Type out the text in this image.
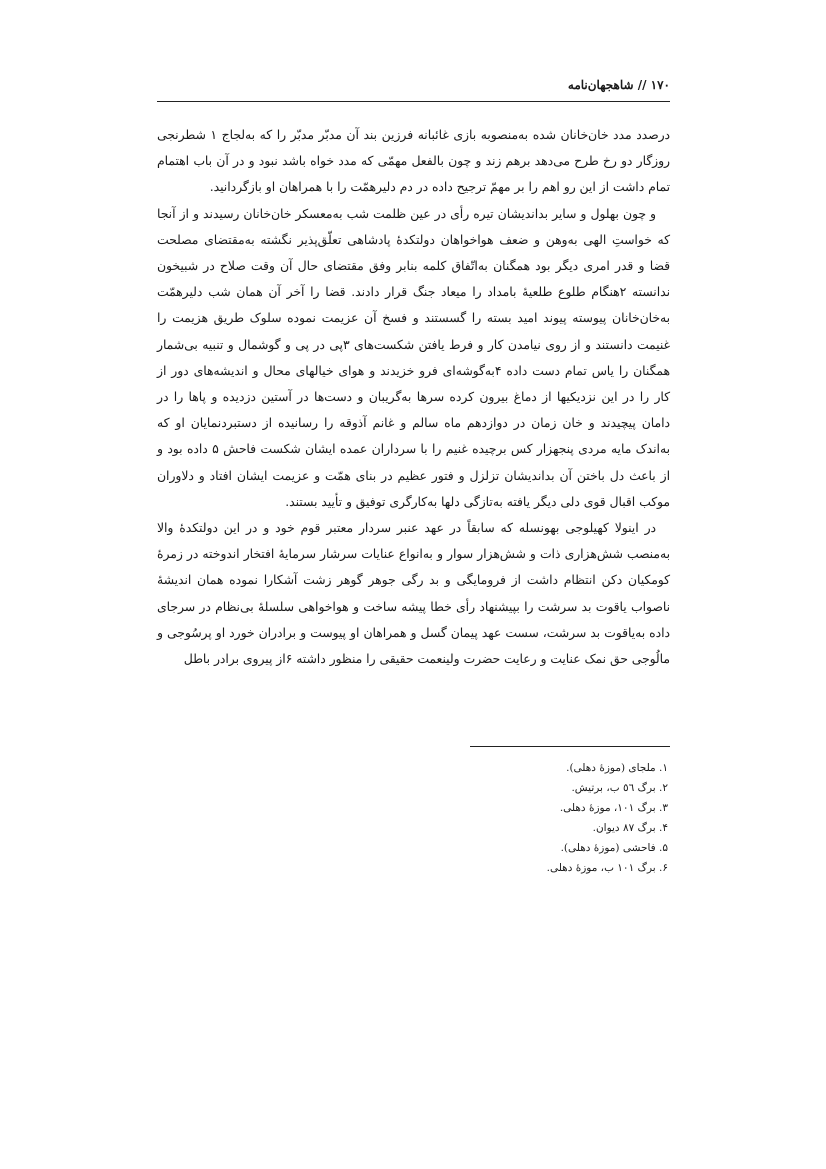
۱۷۰ // شاهجهان‌نامه

درصدد مدد خان‌خانان شده به‌منصوبه بازی غائبانه فرزین بند آن مدبّر مدبّر را که به‌لجاج ۱ شطرنجی روزگار دو رخ طرح می‌دهد برهم زند و چون بالفعل مهمّی که مدد خواه باشد نبود و در آن باب اهتمام تمام داشت از این رو اهم را بر مهمّ ترجیح داده در دم دلیرهمّت را با همراهان او بازگردانید.

و چون بهلول و سایر بداندیشان تیره رأی در عین ظلمت شب به‌معسکر خان‌خانان رسیدند و از آنجا که خواستِ الهی به‌وهن و ضعف هواخواهان دولتکدۀ پادشاهی تعلّق‌پذیر نگشته به‌مقتضای مصلحت قضا و قدر امری دیگر بود همگنان به‌اتّفاق کلمه بنابر وفق مقتضای حال آن وقت صلاح در شبیخون ندانسته ۲هنگام طلوع طلعیۀ بامداد را میعاد جنگ قرار دادند. قضا را آخر آن همان شب دلیرهمّت به‌خان‌خانان پیوسته پیوند امید بسته را گسستند و فسخ آن عزیمت نموده سلوک طریق هزیمت را غنیمت دانستند و از روی نیامدن کار و فرط یافتن شکست‌های ۳پی در پی و گوشمال و تنبیه بی‌شمار همگنان را یاس تمام دست داده ۴به‌گوشه‌ای فرو خزیدند و هوای خیالهای محال و اندیشه‌های دور از کار را در این نزدیکیها از دماغ بیرون کرده سرها به‌گریبان و دست‌ها در آستین دزدیده و پاها را در دامان پیچیدند و خان زمان در دوازدهم ماه سالم و غانم آذوقه را رسانیده از دستبردنمایان او که به‌اندک مایه مردی پنجهزار کس برچیده غنیم را با سرداران عمده ایشان شکست فاحش ۵ داده بود و از باعث دل باختن آن بداندیشان تزلزل و فتور عظیم در بنای همّت و عزیمت ایشان افتاد و دلاوران موکب اقبال قوی دلی دیگر یافته به‌تازگی دلها به‌کارگری توفیق و تأیید بستند.

در اینولا کهیلوجی بهونسله که سابقاً در عهد عنبر سردار معتبر قوم خود و در این دولتکدۀ والا به‌منصب شش‌هزاری ذات و شش‌هزار سوار و به‌انواع عنایات سرشار سرمایۀ افتخار اندوخته در زمرۀ کومکیان دکن انتظام داشت از فرومایگی و بد رگی جوهر گوهر زشت آشکارا نموده همان اندیشۀ ناصواب یاقوت بد سرشت را بپیشنهاد رأی خطا پیشه ساخت و هواخواهی سلسلۀ بی‌نظام در سرجای داده به‌یاقوت بد سرشت، سست عهد پیمان گسل و همراهان او پیوست و برادران خورد او پرسُوجی و مالُوجی حق نمک عنایت و رعایت حضرت ولینعمت حقیقی را منظور داشته ۶از پیروی برادر باطل

۱. ملجای (موزۀ دهلی).
۲. برگ ٥٦ ب، برتیش.
۳. برگ ۱۰۱، موزۀ دهلی.
۴. برگ ۸۷ دیوان.
۵. فاحشی (موزۀ دهلی).
۶. برگ ۱۰۱ ب، موزۀ دهلی.
